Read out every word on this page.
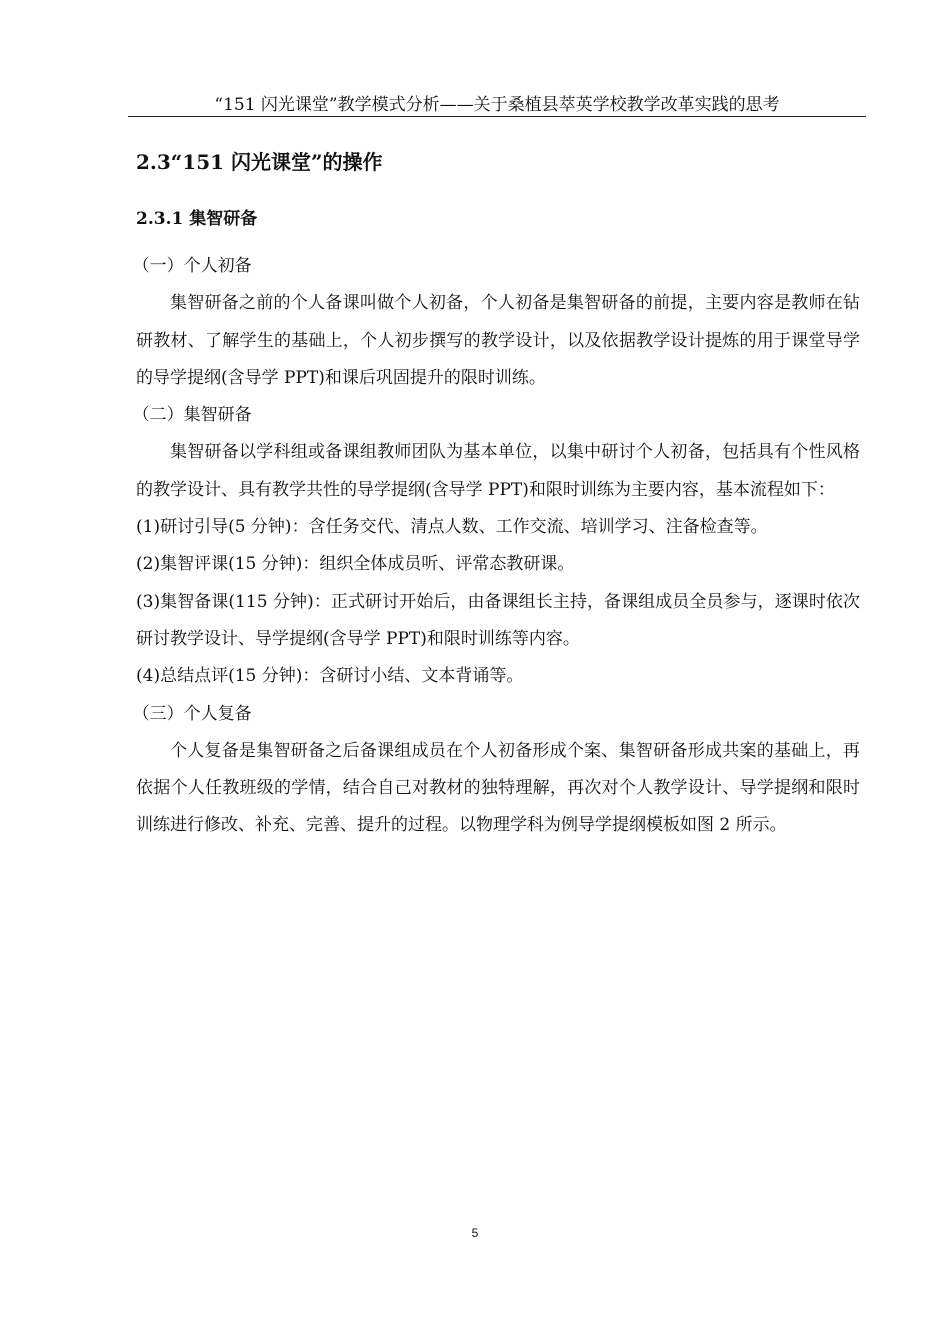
“151 闪光课堂”教学模式分析——关于桑植县萃英学校教学改革实践的思考
2.3“151 闪光课堂”的操作
2.3.1 集智研备

（一）个人初备

集智研备之前的个人备课叫做个人初备，个人初备是集智研备的前提，主要内容是教师在钻研教材、了解学生的基础上，个人初步撰写的教学设计，以及依据教学设计提炼的用于课堂导学的导学提纲(含导学 PPT)和课后巩固提升的限时训练。

（二）集智研备

集智研备以学科组或备课组教师团队为基本单位，以集中研讨个人初备，包括具有个性风格的教学设计、具有教学共性的导学提纲(含导学 PPT)和限时训练为主要内容，基本流程如下：

(1)研讨引导(5 分钟)：含任务交代、清点人数、工作交流、培训学习、注备检查等。

(2)集智评课(15 分钟)：组织全体成员听、评常态教研课。

(3)集智备课(115 分钟)：正式研讨开始后，由备课组长主持，备课组成员全员参与，逐课时依次研讨教学设计、导学提纲(含导学 PPT)和限时训练等内容。

(4)总结点评(15 分钟)：含研讨小结、文本背诵等。

（三）个人复备

个人复备是集智研备之后备课组成员在个人初备形成个案、集智研备形成共案的基础上，再依据个人任教班级的学情，结合自己对教材的独特理解，再次对个人教学设计、导学提纲和限时训练进行修改、补充、完善、提升的过程。以物理学科为例导学提纲模板如图 2 所示。

5
